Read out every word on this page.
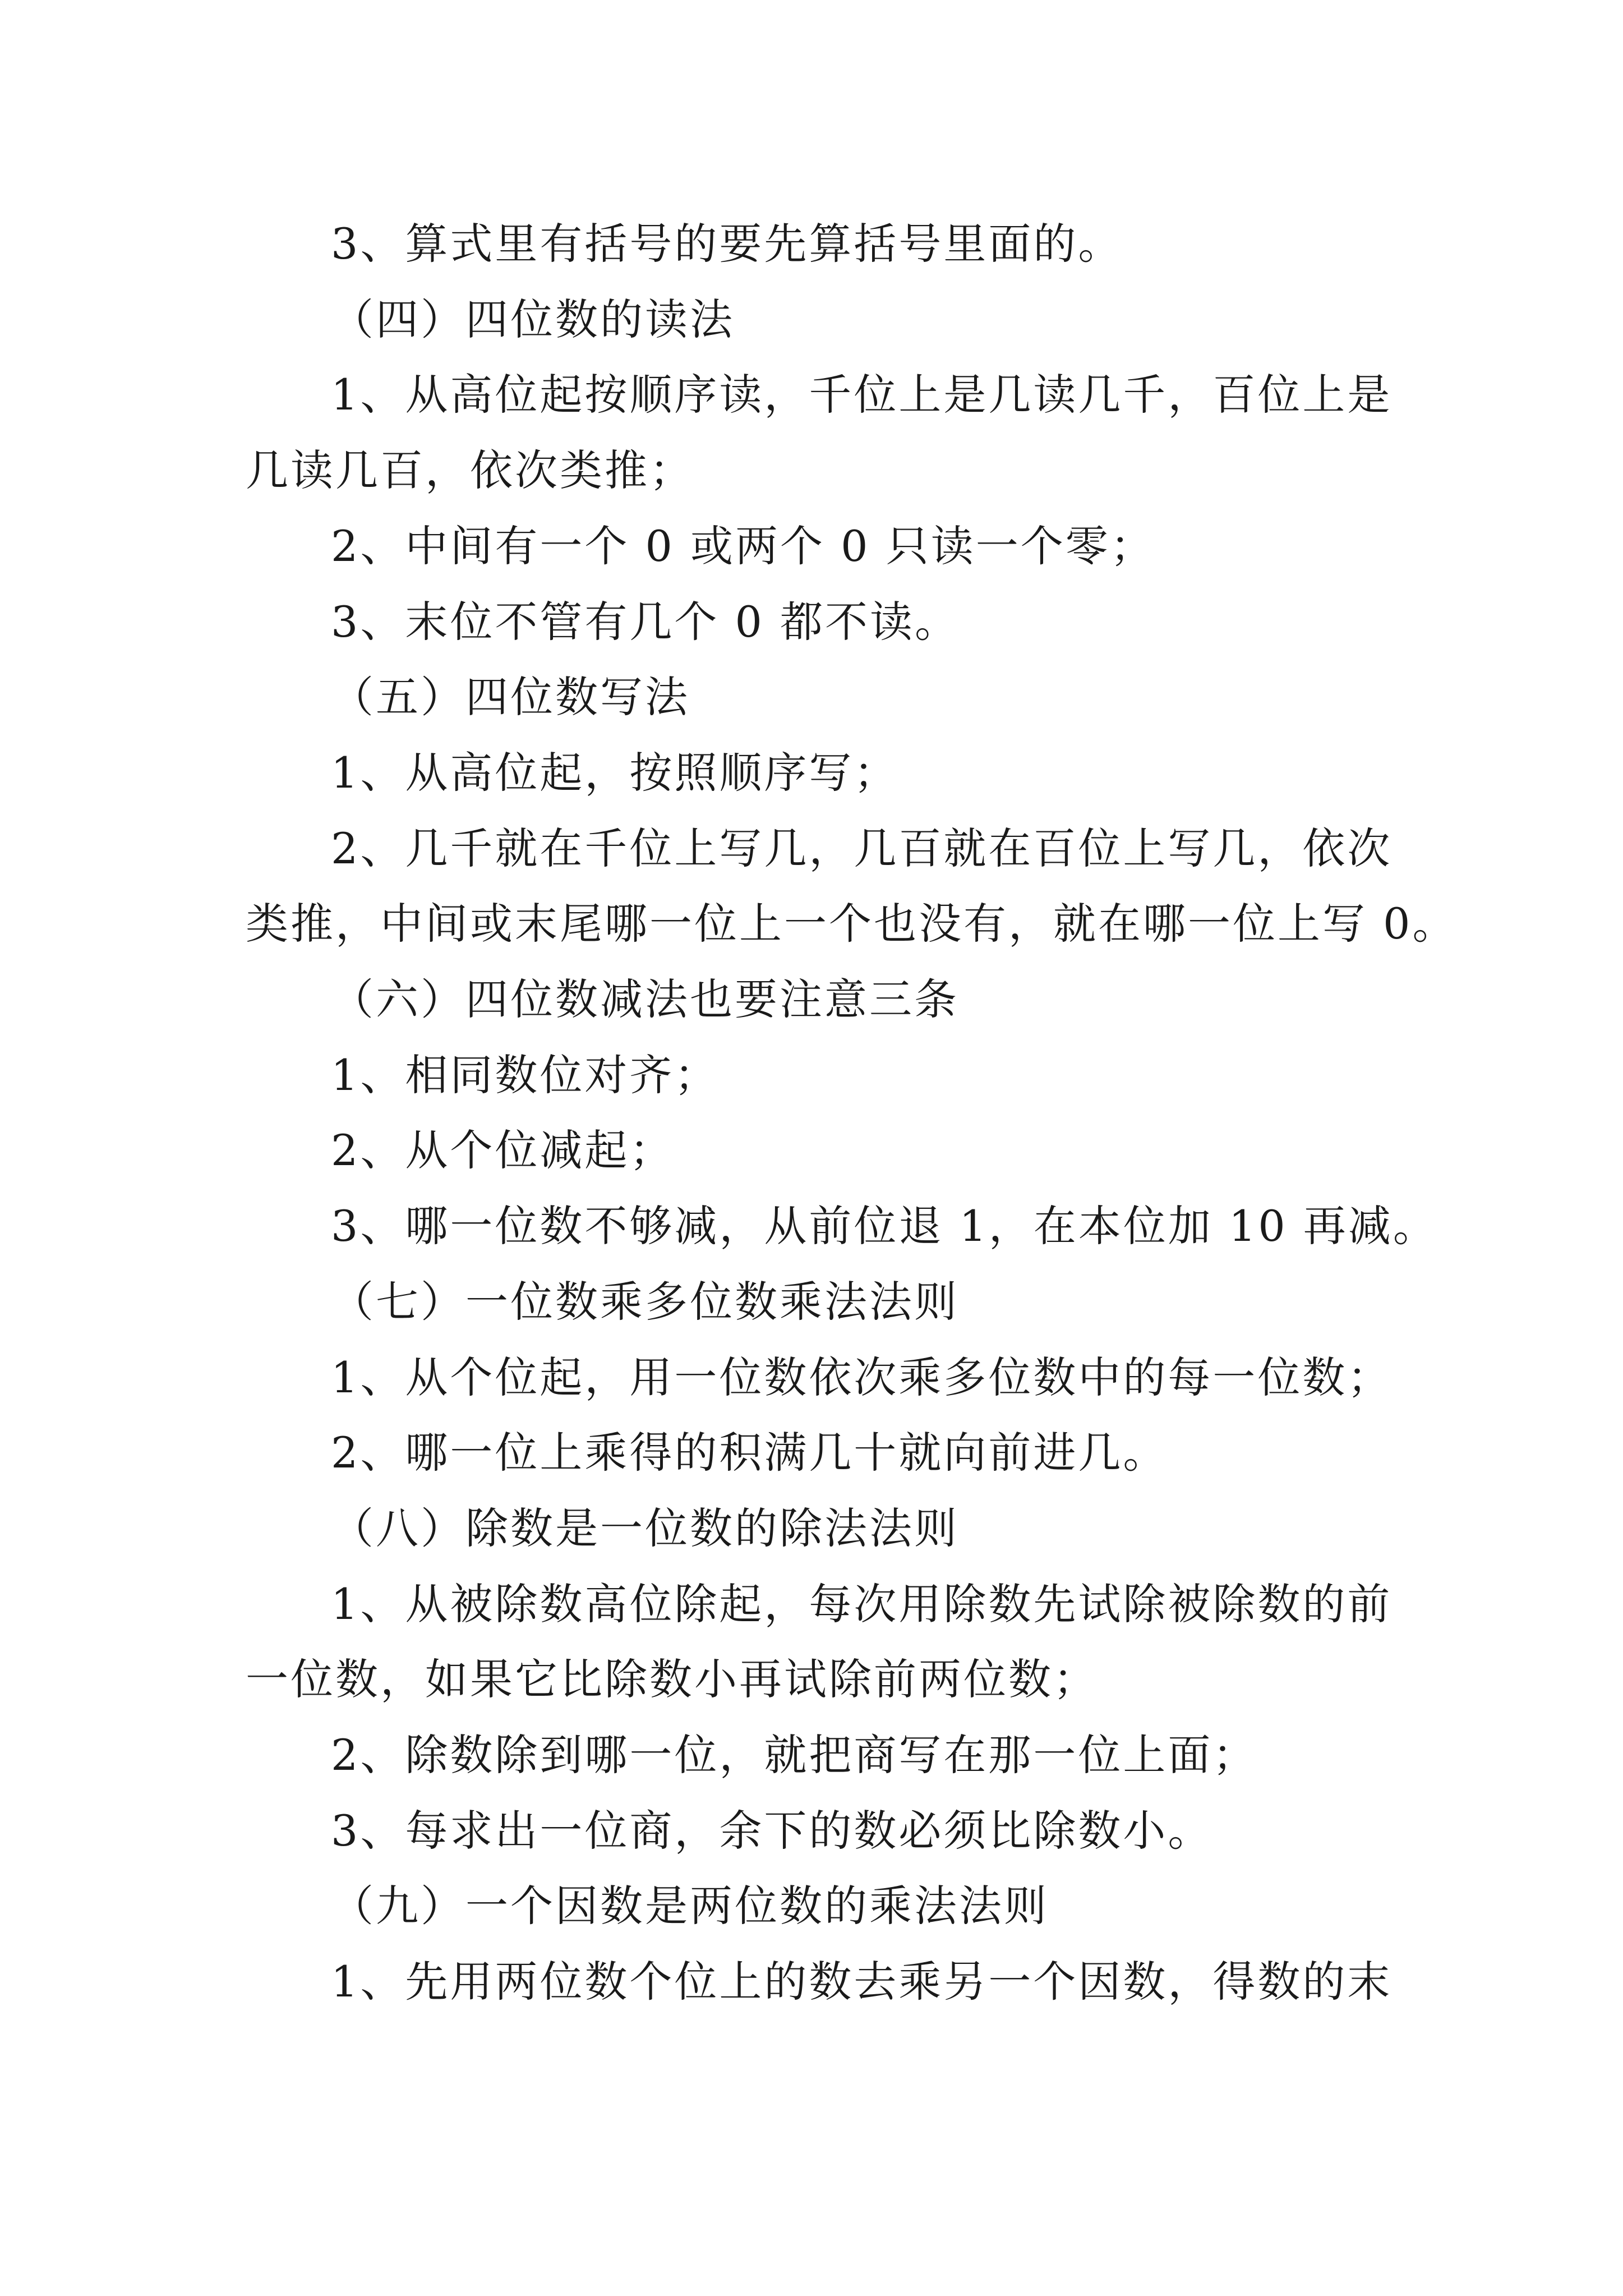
3、算式里有括号的要先算括号里面的。

（四）四位数的读法

1、从高位起按顺序读，千位上是几读几千，百位上是

几读几百，依次类推；

2、中间有一个 0 或两个 0 只读一个零；

3、末位不管有几个 0 都不读。

（五）四位数写法

1、从高位起，按照顺序写；

2、几千就在千位上写几，几百就在百位上写几，依次

类推，中间或末尾哪一位上一个也没有，就在哪一位上写 0。

（六）四位数减法也要注意三条

1、相同数位对齐；

2、从个位减起；

3、哪一位数不够减，从前位退 1，在本位加 10 再减。

（七）一位数乘多位数乘法法则

1、从个位起，用一位数依次乘多位数中的每一位数；

2、哪一位上乘得的积满几十就向前进几。

（八）除数是一位数的除法法则

1、从被除数高位除起，每次用除数先试除被除数的前

一位数，如果它比除数小再试除前两位数；

2、除数除到哪一位，就把商写在那一位上面；

3、每求出一位商，余下的数必须比除数小。

（九）一个因数是两位数的乘法法则

1、先用两位数个位上的数去乘另一个因数，得数的末
